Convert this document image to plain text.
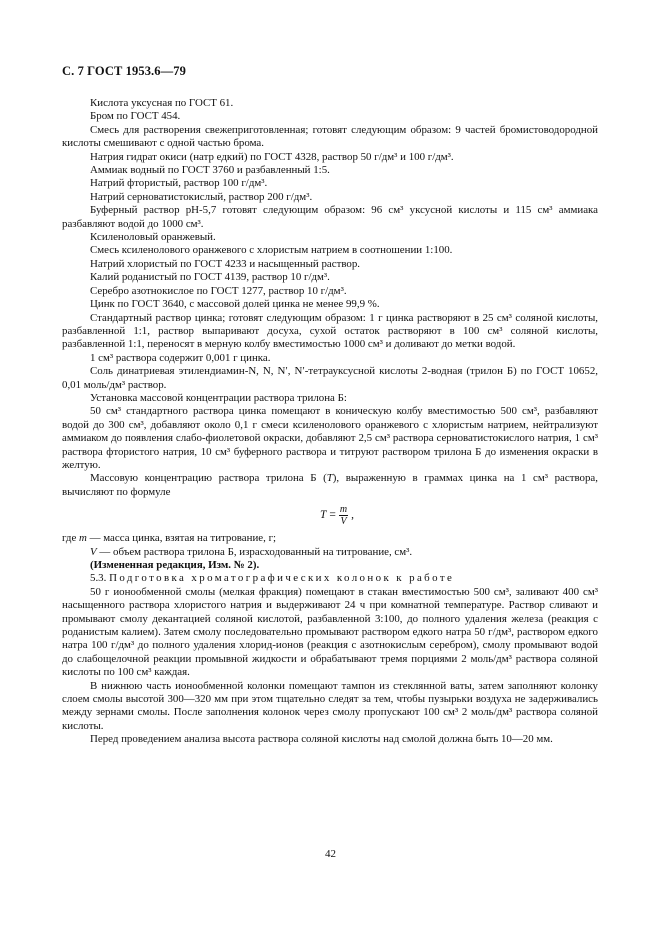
С. 7 ГОСТ 1953.6—79

Кислота уксусная по ГОСТ 61.

Бром по ГОСТ 454.

Смесь для растворения свежеприготовленная; готовят следующим образом: 9 частей бромистоводородной кислоты смешивают с одной частью брома.

Натрия гидрат окиси (натр едкий) по ГОСТ 4328, раствор 50 г/дм³ и 100 г/дм³.

Аммиак водный по ГОСТ 3760 и разбавленный 1:5.

Натрий фтористый, раствор 100 г/дм³.

Натрий серноватистокислый, раствор 200 г/дм³.

Буферный раствор рН-5,7 готовят следующим образом: 96 см³ уксусной кислоты и 115 см³ аммиака разбавляют водой до 1000 см³.

Ксиленоловый оранжевый.

Смесь ксиленолового оранжевого с хлористым натрием в соотношении 1:100.

Натрий хлористый по ГОСТ 4233 и насыщенный раствор.

Калий роданистый по ГОСТ 4139, раствор 10 г/дм³.

Серебро азотнокислое по ГОСТ 1277, раствор 10 г/дм³.

Цинк по ГОСТ 3640, с массовой долей цинка не менее 99,9 %.

Стандартный раствор цинка; готовят следующим образом: 1 г цинка растворяют в 25 см³ соляной кислоты, разбавленной 1:1, раствор выпаривают досуха, сухой остаток растворяют в 100 см³ соляной кислоты, разбавленной 1:1, переносят в мерную колбу вместимостью 1000 см³ и доливают до метки водой.

1 см³ раствора содержит 0,001 г цинка.

Соль динатриевая этилендиамин-N, N, N′, N′-тетрауксусной кислоты 2-водная (трилон Б) по ГОСТ 10652, 0,01 моль/дм³ раствор.

Установка массовой концентрации раствора трилона Б:

50 см³ стандартного раствора цинка помещают в коническую колбу вместимостью 500 см³, разбавляют водой до 300 см³, добавляют около 0,1 г смеси ксиленолового оранжевого с хлористым натрием, нейтрализуют аммиаком до появления слабо-фиолетовой окраски, добавляют 2,5 см³ раствора серноватистокислого натрия, 1 см³ раствора фтористого натрия, 10 см³ буферного раствора и титруют раствором трилона Б до изменения окраски в желтую.

Массовую концентрацию раствора трилона Б (T), выраженную в граммах цинка на 1 см³ раствора, вычисляют по формуле

$T = \frac{m}{V}$ ,

где m — масса цинка, взятая на титрование, г;

V — объем раствора трилона Б, израсходованный на титрование, см³.

(Измененная редакция, Изм. № 2).

5.3. Подготовка хроматографических колонок к работе

50 г ионообменной смолы (мелкая фракция) помещают в стакан вместимостью 500 см³, заливают 400 см³ насыщенного раствора хлористого натрия и выдерживают 24 ч при комнатной температуре. Раствор сливают и промывают смолу декантацией соляной кислотой, разбавленной 3:100, до полного удаления железа (реакция с роданистым калием). Затем смолу последовательно промывают раствором едкого натра 50 г/дм³, раствором едкого натра 100 г/дм³ до полного удаления хлорид-ионов (реакция с азотнокислым серебром), смолу промывают водой до слабощелочной реакции промывной жидкости и обрабатывают тремя порциями 2 моль/дм³ раствора соляной кислоты по 100 см³ каждая.

В нижнюю часть ионообменной колонки помещают тампон из стеклянной ваты, затем заполняют колонку слоем смолы высотой 300—320 мм при этом тщательно следят за тем, чтобы пузырьки воздуха не задерживались между зернами смолы. После заполнения колонок через смолу пропускают 100 см³ 2 моль/дм³ раствора соляной кислоты.

Перед проведением анализа высота раствора соляной кислоты над смолой должна быть 10—20 мм.

42
